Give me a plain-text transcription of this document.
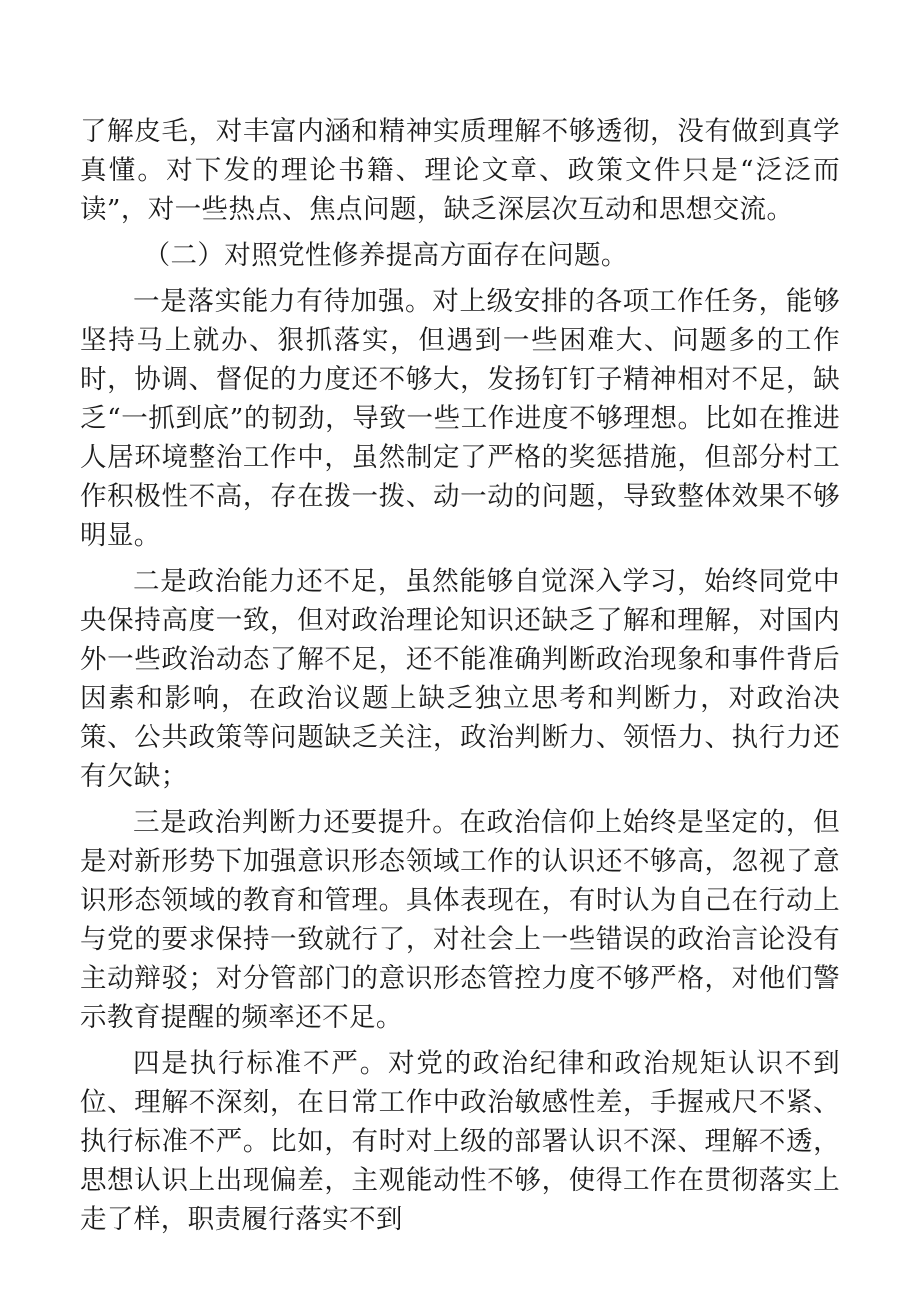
了解皮毛，对丰富内涵和精神实质理解不够透彻，没有做到真学真懂。对下发的理论书籍、理论文章、政策文件只是“泛泛而读”，对一些热点、焦点问题，缺乏深层次互动和思想交流。

（二）对照党性修养提高方面存在问题。

一是落实能力有待加强。对上级安排的各项工作任务，能够坚持马上就办、狠抓落实，但遇到一些困难大、问题多的工作时，协调、督促的力度还不够大，发扬钉钉子精神相对不足，缺乏“一抓到底”的韧劲，导致一些工作进度不够理想。比如在推进人居环境整治工作中，虽然制定了严格的奖惩措施，但部分村工作积极性不高，存在拨一拨、动一动的问题，导致整体效果不够明显。

二是政治能力还不足，虽然能够自觉深入学习，始终同党中央保持高度一致，但对政治理论知识还缺乏了解和理解，对国内外一些政治动态了解不足，还不能准确判断政治现象和事件背后因素和影响，在政治议题上缺乏独立思考和判断力，对政治决策、公共政策等问题缺乏关注，政治判断力、领悟力、执行力还有欠缺；

三是政治判断力还要提升。在政治信仰上始终是坚定的，但是对新形势下加强意识形态领域工作的认识还不够高，忽视了意识形态领域的教育和管理。具体表现在，有时认为自己在行动上与党的要求保持一致就行了，对社会上一些错误的政治言论没有主动辩驳；对分管部门的意识形态管控力度不够严格，对他们警示教育提醒的频率还不足。

四是执行标准不严。对党的政治纪律和政治规矩认识不到位、理解不深刻，在日常工作中政治敏感性差，手握戒尺不紧、执行标准不严。比如，有时对上级的部署认识不深、理解不透，思想认识上出现偏差，主观能动性不够，使得工作在贯彻落实上走了样，职责履行落实不到
